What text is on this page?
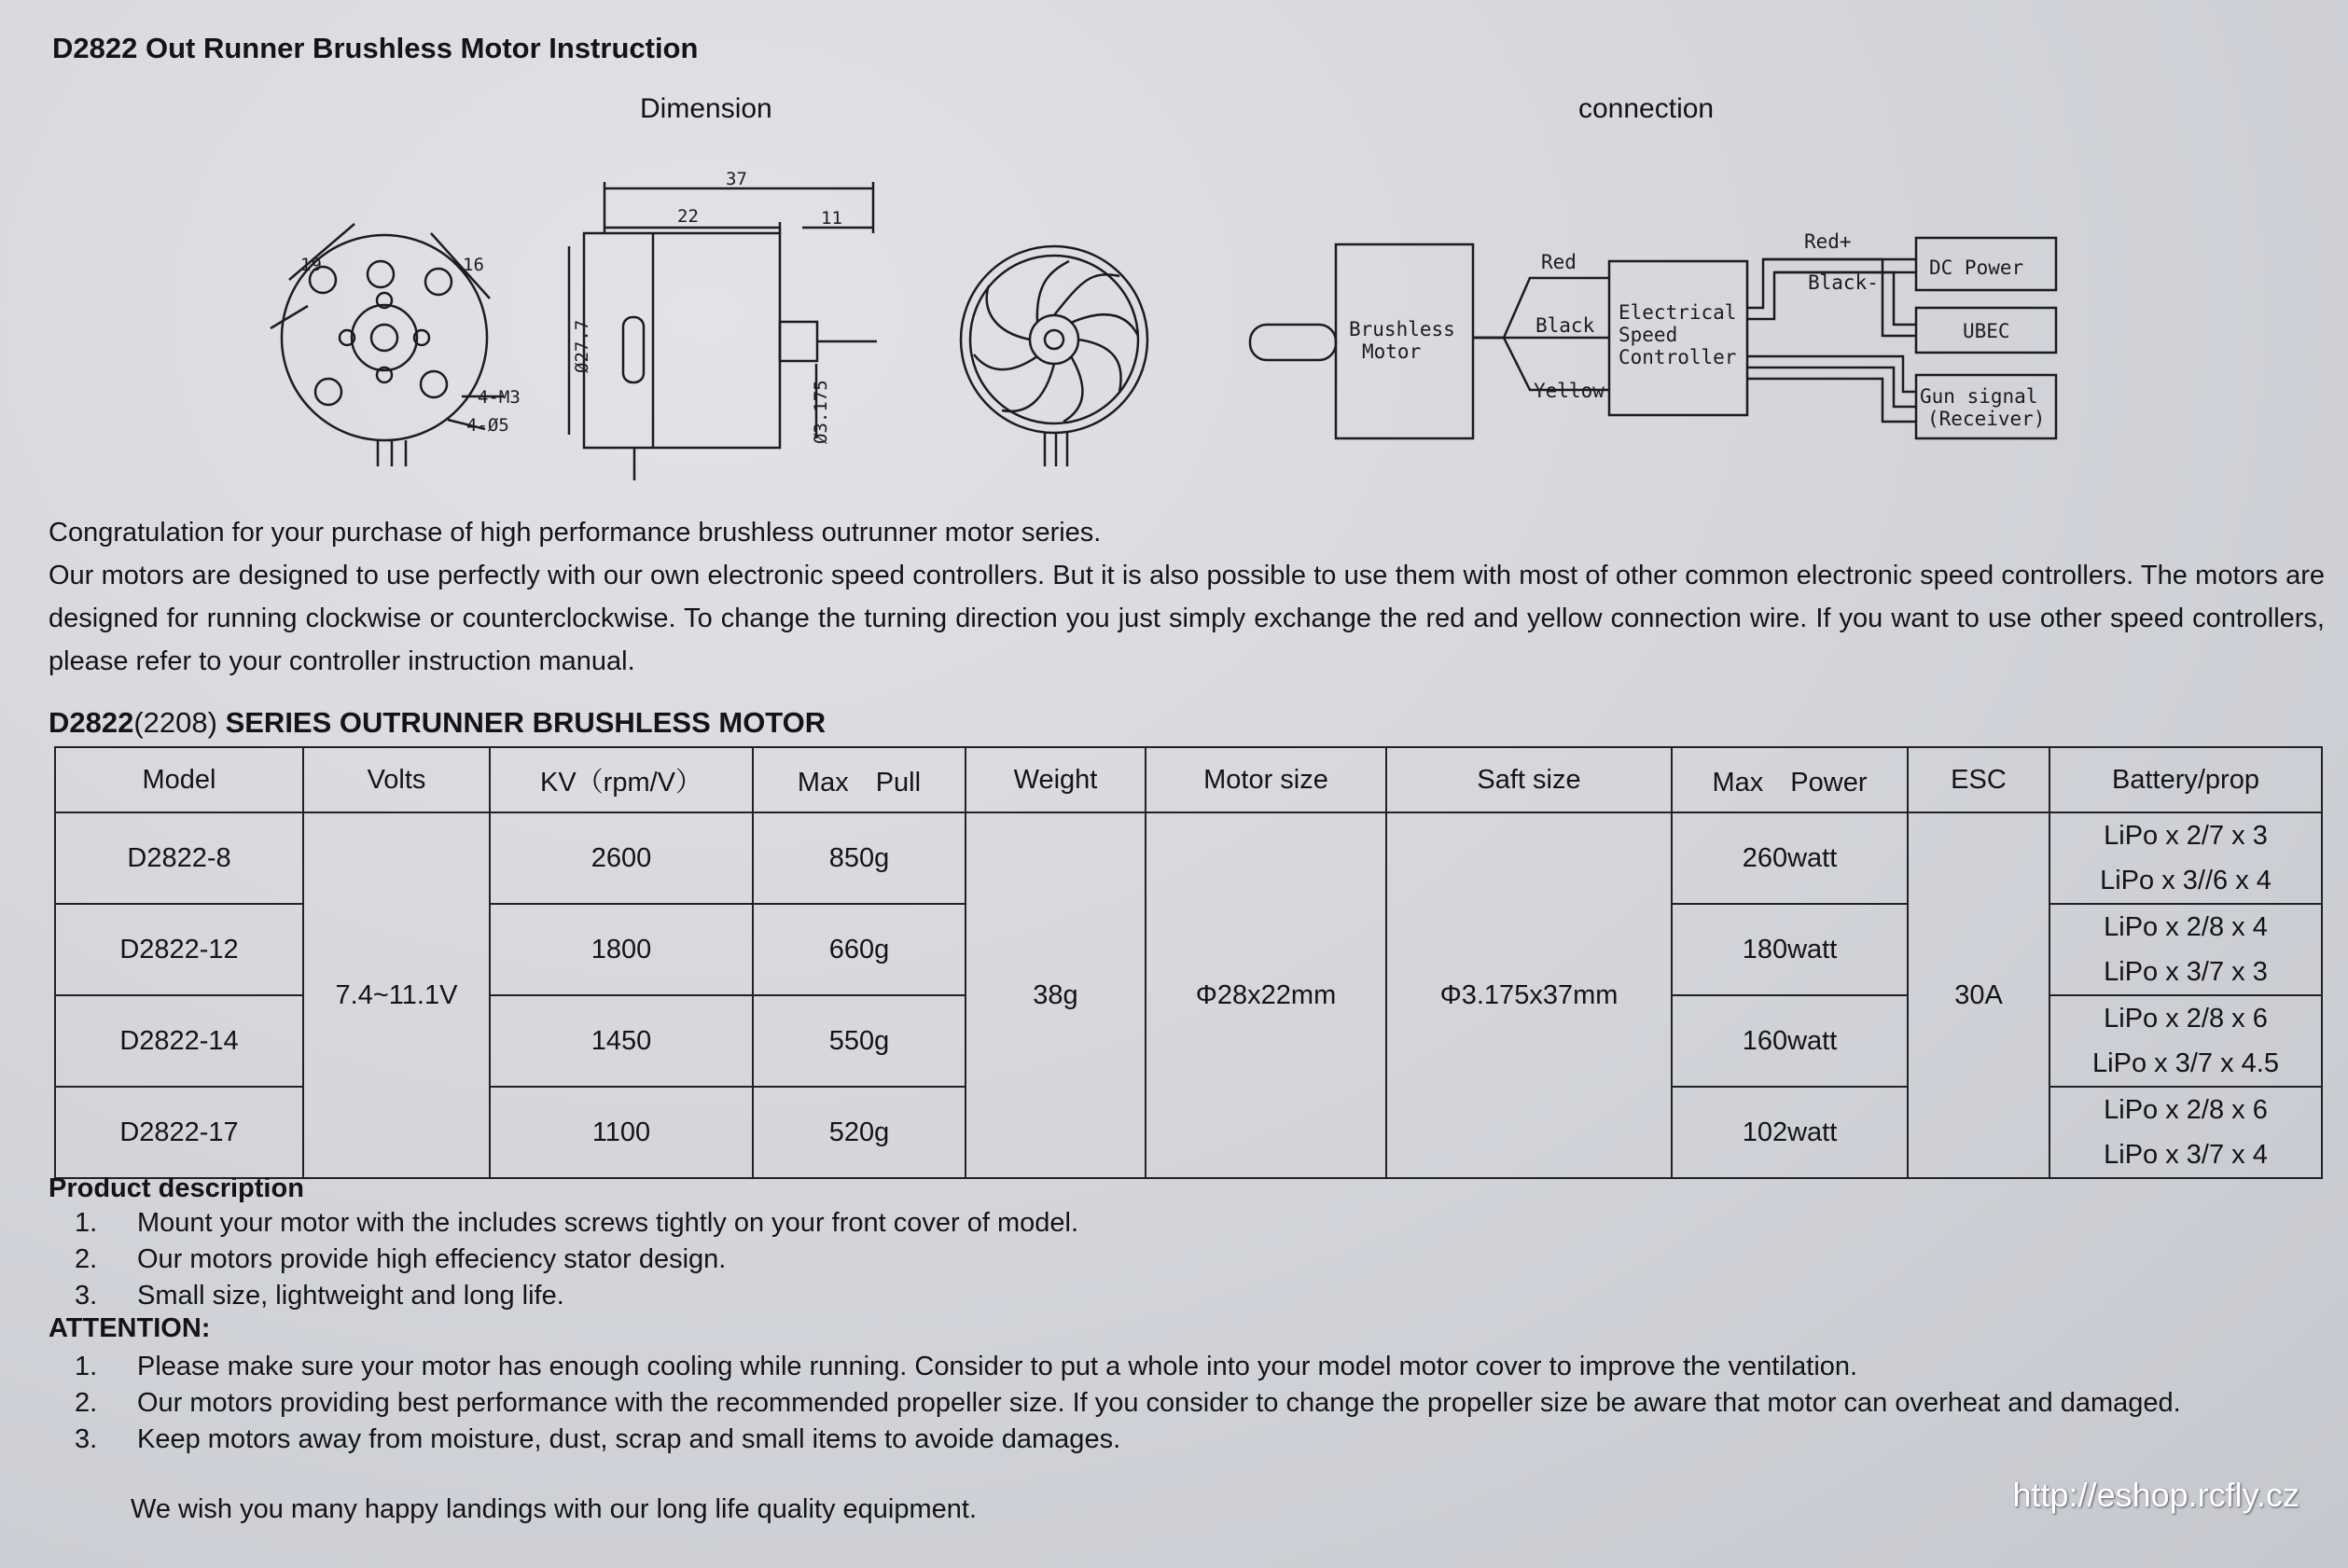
D2822 Out Runner Brushless Motor Instruction
Dimension	connection
19	16
4-M3
4-Ø5
37
22	11
Ø27.7
Ø3.175
Brushless
Motor
Red
Black
Yellow
Electrical
Speed
Controller
Red+
Black-
DC Power
UBEC
Gun signal
(Receiver)

Congratulation for your purchase of high performance brushless outrunner motor series.

Our motors are designed to use perfectly with our own electronic speed controllers. But it is also possible to use them with most of other common electronic speed controllers. The motors are designed for running clockwise or counterclockwise. To change the turning direction you just simply exchange the red and yellow connection wire. If you want to use other speed controllers, please refer to your controller instruction manual.

D2822(2208) SERIES OUTRUNNER BRUSHLESS MOTOR
Model	Volts	KV（rpm/V）	Max　Pull	Weight	Motor size	Saft size	Max　Power	ESC	Battery/prop
D2822-8	7.4~11.1V	2600	850g	38g	Φ28x22mm	Φ3.175x37mm	260watt	30A	LiPo x 2/7 x 3
LiPo x 3//6 x 4

D2822-12		1800	660g				180watt		LiPo x 2/8 x 4
LiPo x 3/7 x 3

D2822-14		1450	550g				160watt		LiPo x 2/8 x 6
LiPo x 3/7 x 4.5

D2822-17		1100	520g				102watt		LiPo x 2/8 x 6
LiPo x 3/7 x 4
Product description
1. Mount your motor with the includes screws tightly on your front cover of model.
2. Our motors provide high effeciency stator design.
3. Small size, lightweight and long life.
ATTENTION:
1. Please make sure your motor has enough cooling while running. Consider to put a whole into your model motor cover to improve the ventilation.
2. Our motors providing best performance with the recommended propeller size. If you consider to change the propeller size be aware that motor can overheat and damaged.
3. Keep motors away from moisture, dust, scrap and small items to avoide damages.
We wish you many happy landings with our long life quality equipment.	http://eshop.rcfly.cz
